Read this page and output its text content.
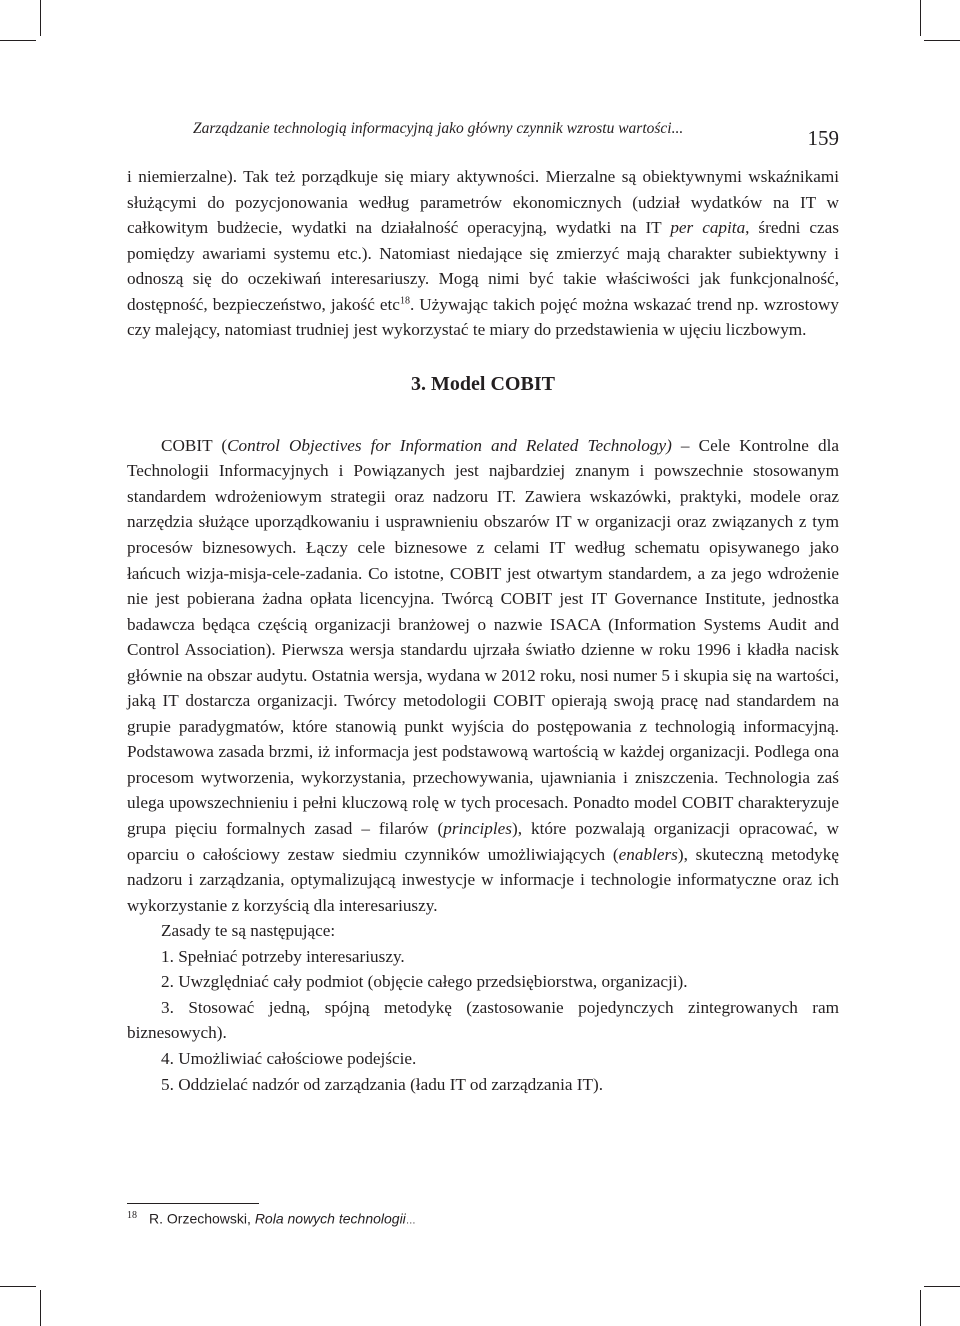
Zarządzanie technologią informacyjną jako główny czynnik wzrostu wartości...	159

i niemierzalne). Tak też porządkuje się miary aktywności. Mierzalne są obiektywnymi wskaźnikami służącymi do pozycjonowania według parametrów ekonomicznych (udział wydatków na IT w całkowitym budżecie, wydatki na działalność operacyjną, wydatki na IT per capita, średni czas pomiędzy awariami systemu etc.). Natomiast niedające się zmierzyć mają charakter subiektywny i odnoszą się do oczekiwań interesariuszy. Mogą nimi być takie właściwości jak funkcjonalność, dostępność, bezpieczeństwo, jakość etc$^{18}$. Używając takich pojęć można wskazać trend np. wzrostowy czy malejący, natomiast trudniej jest wykorzystać te miary do przedstawienia w ujęciu liczbowym.

3. Model COBIT

COBIT (Control Objectives for Information and Related Technology) – Cele Kontrolne dla Technologii Informacyjnych i Powiązanych jest najbardziej znanym i powszechnie stosowanym standardem wdrożeniowym strategii oraz nadzoru IT. Zawiera wskazówki, praktyki, modele oraz narzędzia służące uporządkowaniu i usprawnieniu obszarów IT w organizacji oraz związanych z tym procesów biznesowych. Łączy cele biznesowe z celami IT według schematu opisywanego jako łańcuch wizja-misja-cele-zadania. Co istotne, COBIT jest otwartym standardem, a za jego wdrożenie nie jest pobierana żadna opłata licencyjna. Twórcą COBIT jest IT Governance Institute, jednostka badawcza będąca częścią organizacji branżowej o nazwie ISACA (Information Systems Audit and Control Association). Pierwsza wersja standardu ujrzała światło dzienne w roku 1996 i kładła nacisk głównie na obszar audytu. Ostatnia wersja, wydana w 2012 roku, nosi numer 5 i skupia się na wartości, jaką IT dostarcza organizacji. Twórcy metodologii COBIT opierają swoją pracę nad standardem na grupie paradygmatów, które stanowią punkt wyjścia do postępowania z technologią informacyjną. Podstawowa zasada brzmi, iż informacja jest podstawową wartością w każdej organizacji. Podlega ona procesom wytworzenia, wykorzystania, przechowywania, ujawniania i zniszczenia. Technologia zaś ulega upowszechnieniu i pełni kluczową rolę w tych procesach. Ponadto model COBIT charakteryzuje grupa pięciu formalnych zasad – filarów (principles), które pozwalają organizacji opracować, w oparciu o całościowy zestaw siedmiu czynników umożliwiających (enablers), skuteczną metodykę nadzoru i zarządzania, optymalizującą inwestycje w informacje i technologie informatyczne oraz ich wykorzystanie z korzyścią dla interesariuszy.

Zasady te są następujące:

1. Spełniać potrzeby interesariuszy.

2. Uwzględniać cały podmiot (objęcie całego przedsiębiorstwa, organizacji).

3. Stosować jedną, spójną metodykę (zastosowanie pojedynczych zintegrowanych ram biznesowych).

4. Umożliwiać całościowe podejście.

5. Oddzielać nadzór od zarządzania (ładu IT od zarządzania IT).

$^{18}$ R. Orzechowski, Rola nowych technologii…
